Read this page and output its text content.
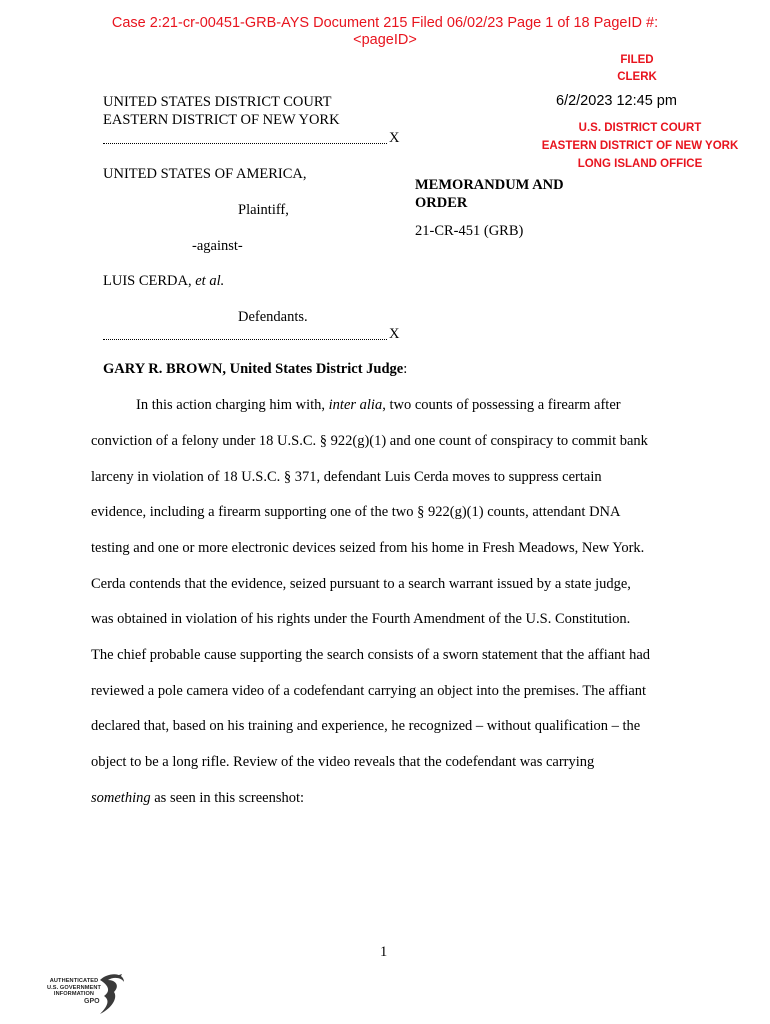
Case 2:21-cr-00451-GRB-AYS Document 215 Filed 06/02/23 Page 1 of 18 PageID #:
<pageID>
FILED
CLERK
6/2/2023 12:45 pm
U.S. DISTRICT COURT
EASTERN DISTRICT OF NEW YORK
LONG ISLAND OFFICE
UNITED STATES DISTRICT COURT
EASTERN DISTRICT OF NEW YORK
X
UNITED STATES OF AMERICA,
Plaintiff,
-against-
LUIS CERDA, et al.
Defendants.
X
MEMORANDUM AND
ORDER
21-CR-451 (GRB)
GARY R. BROWN, United States District Judge:
In this action charging him with, inter alia, two counts of possessing a firearm after
conviction of a felony under 18 U.S.C. § 922(g)(1) and one count of conspiracy to commit bank
larceny in violation of 18 U.S.C. § 371, defendant Luis Cerda moves to suppress certain
evidence, including a firearm supporting one of the two § 922(g)(1) counts, attendant DNA
testing and one or more electronic devices seized from his home in Fresh Meadows, New York.
Cerda contends that the evidence, seized pursuant to a search warrant issued by a state judge,
was obtained in violation of his rights under the Fourth Amendment of the U.S. Constitution.
The chief probable cause supporting the search consists of a sworn statement that the affiant had
reviewed a pole camera video of a codefendant carrying an object into the premises. The affiant
declared that, based on his training and experience, he recognized – without qualification – the
object to be a long rifle. Review of the video reveals that the codefendant was carrying
something as seen in this screenshot:
1
AUTHENTICATED
U.S. GOVERNMENT
INFORMATION
GPO
